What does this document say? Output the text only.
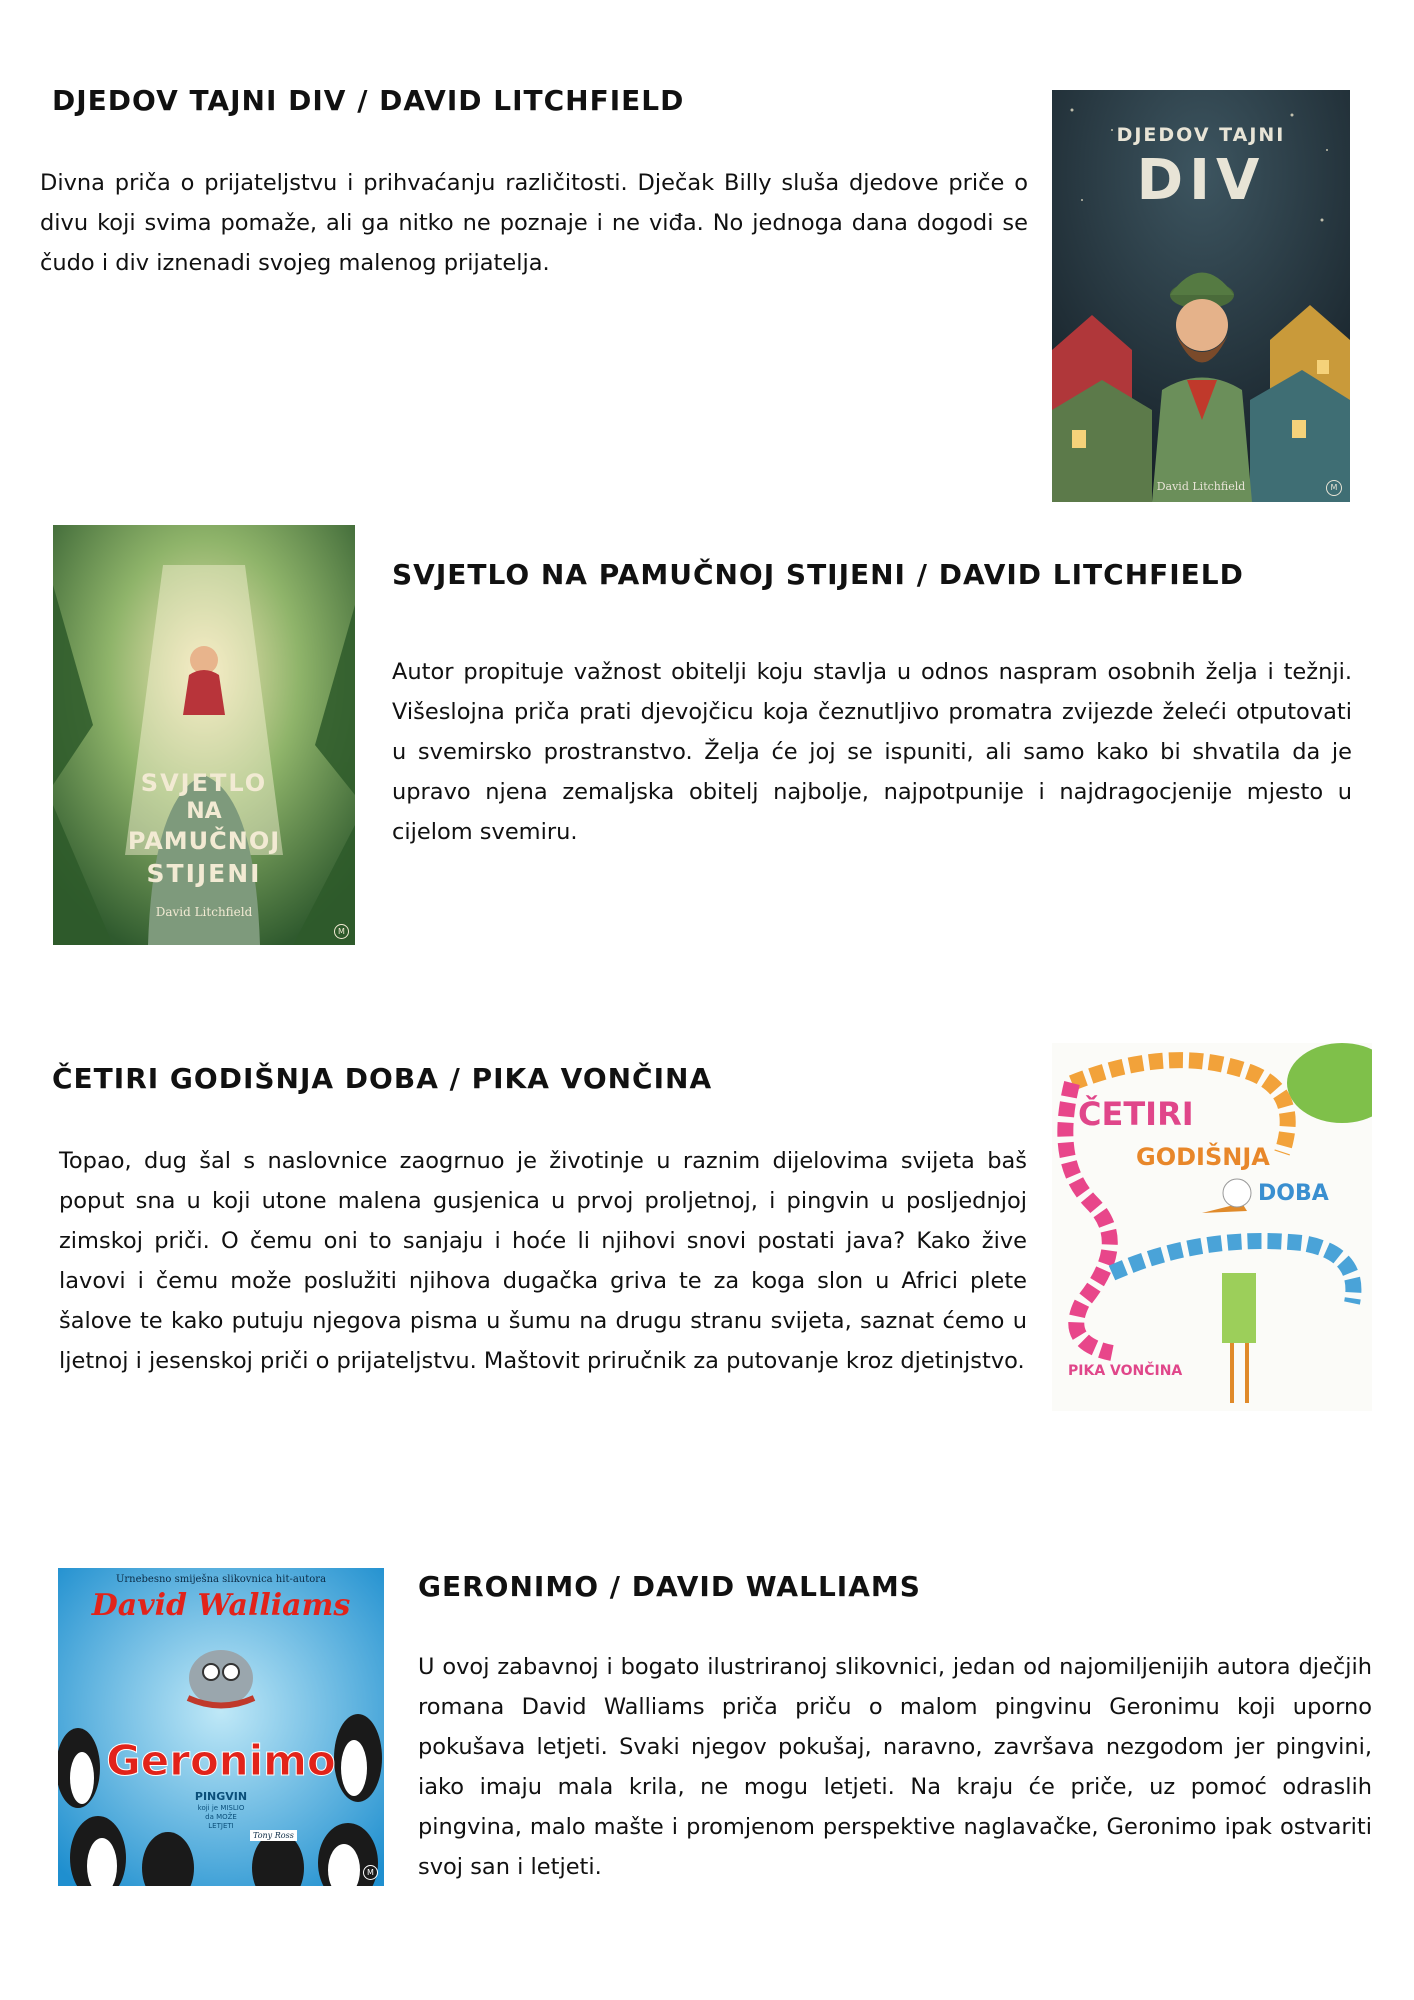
DJEDOV TAJNI DIV / DAVID LITCHFIELD

Divna priča o prijateljstvu i prihvaćanju različitosti. Dječak Billy sluša djedove priče o divu koji svima pomaže, ali ga nitko ne poznaje i ne viđa. No jednoga dana dogodi se čudo i div iznenadi svojeg malenog prijatelja.

DJEDOV TAJNI
DIV
David Litchfield	M
SVJETLO NA PAMUČNOJ STIJENI / DAVID LITCHFIELD

Autor propituje važnost obitelji koju stavlja u odnos naspram osobnih želja i težnji. Višeslojna priča prati djevojčicu koja čeznutljivo promatra zvijezde želeći otputovati u svemirsko prostranstvo. Želja će joj se ispuniti, ali samo kako bi shvatila da je upravo njena zemaljska obitelj najbolje, najpotpunije i najdragocjenije mjesto u cijelom svemiru.

SVJETLO
NA
PAMUČNOJ
STIJENI
David Litchfield
M
ČETIRI GODIŠNJA DOBA / PIKA VONČINA

Topao, dug šal s naslovnice zaogrnuo je životinje u raznim dijelovima svijeta baš poput sna u koji utone malena gusjenica u prvoj proljetnoj, i pingvin u posljednjoj zimskoj priči. O čemu oni to sanjaju i hoće li njihovi snovi postati java? Kako žive lavovi i čemu može poslužiti njihova dugačka griva te za koga slon u Africi plete šalove te kako putuju njegova pisma u šumu na drugu stranu svijeta, saznat ćemo u ljetnoj i jesenskoj priči o prijateljstvu. Maštovit priručnik za putovanje kroz djetinjstvo.

ČETIRI
GODIŠNJA
DOBA
PIKA VONČINA
GERONIMO / DAVID WALLIAMS

U ovoj zabavnoj i bogato ilustriranoj slikovnici, jedan od najomiljenijih autora dječjih romana David Walliams priča priču o malom pingvinu Geronimu koji uporno pokušava letjeti. Svaki njegov pokušaj, naravno, završava nezgodom jer pingvini, iako imaju mala krila, ne mogu letjeti. Na kraju će priče, uz pomoć odraslih pingvina, malo mašte i promjenom perspektive naglavačke, Geronimo ipak ostvariti svoj san i letjeti.

Urnebesno smiješna slikovnica hit-autora
David Walliams
Geronimo
PINGVIN
koji je MISLIO
da MOŽE
LETJETI
Tony Ross
M
